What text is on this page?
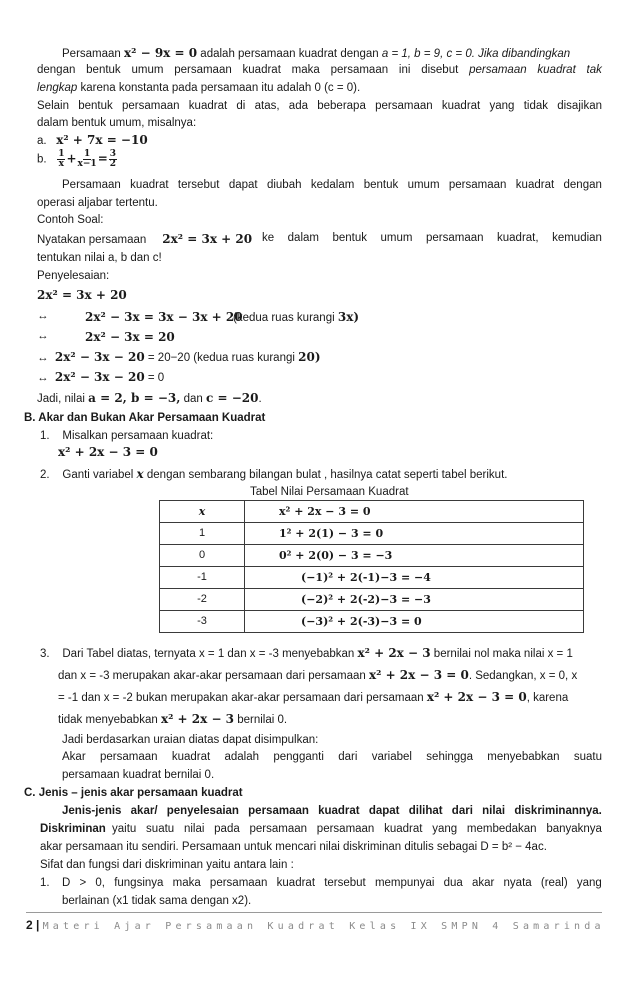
Persamaan x² − 9x = 0 adalah persamaan kuadrat dengan a = 1, b = 9, c = 0. Jika dibandingkan
dengan bentuk umum persamaan kuadrat maka persamaan ini disebut persamaan kuadrat tak
lengkap karena konstanta pada persamaan itu adalah 0 (c = 0).
Selain bentuk persamaan kuadrat di atas, ada beberapa persamaan kuadrat yang tidak disajikan
dalam bentuk umum, misalnya:
a. x² + 7x = −10
b. $\frac{1}{x} + \frac{1}{x-1} = \frac{3}{2}$
Persamaan kuadrat tersebut dapat diubah kedalam bentuk umum persamaan kuadrat dengan
operasi aljabar tertentu.
Contoh Soal:
Nyatakan persamaan 2x² = 3x + 20 ke dalam bentuk umum persamaan kuadrat, kemudian
tentukan nilai a, b dan c!
Penyelesaian:
2x² = 3x + 20
↔	2x² − 3x = 3x − 3x + 20
(kedua ruas kurangi 3x)
↔	2x² − 3x = 20
↔ 2x² − 3x − 20 = 20−20 (kedua ruas kurangi 20)
↔ 2x² − 3x − 20 = 0
Jadi, nilai a = 2, b = −3, dan c = −20.
B. Akar dan Bukan Akar Persamaan Kuadrat
1. Misalkan persamaan kuadrat:
x² + 2x − 3 = 0
2. Ganti variabel x dengan sembarang bilangan bulat , hasilnya catat seperti tabel berikut.
Tabel Nilai Persamaan Kuadrat
x	x² + 2x − 3 = 0
1	1² + 2(1) − 3 = 0
0	0² + 2(0) − 3 = −3
-1	(−1)² + 2(-1)−3 = −4
-2	(−2)² + 2(-2)−3 = −3
-3	(−3)² + 2(-3)−3 = 0
3. Dari Tabel diatas, ternyata x = 1 dan x = -3 menyebabkan x² + 2x − 3 bernilai nol maka nilai x = 1
dan x = -3 merupakan akar-akar persamaan dari persamaan x² + 2x − 3 = 0. Sedangkan, x = 0, x
= -1 dan x = -2 bukan merupakan akar-akar persamaan dari persamaan x² + 2x − 3 = 0, karena
tidak menyebabkan x² + 2x − 3 bernilai 0.
Jadi berdasarkan uraian diatas dapat disimpulkan:
Akar persamaan kuadrat adalah pengganti dari variabel sehingga menyebabkan suatu
persamaan kuadrat bernilai 0.
C. Jenis – jenis akar persamaan kuadrat
Jenis-jenis akar/ penyelesaian persamaan kuadrat dapat dilihat dari nilai diskriminannya.
Diskriminan yaitu suatu nilai pada persamaan persamaan kuadrat yang membedakan banyaknya
akar persamaan itu sendiri. Persamaan untuk mencari nilai diskriminan ditulis sebagai D = b² − 4ac.
Sifat dan fungsi dari diskriminan yaitu antara lain :
1. D > 0, fungsinya maka persamaan kuadrat tersebut mempunyai dua akar nyata (real) yang
berlainan (x1 tidak sama dengan x2).
2 | Materi Ajar Persamaan Kuadrat Kelas IX SMPN 4 Samarinda
